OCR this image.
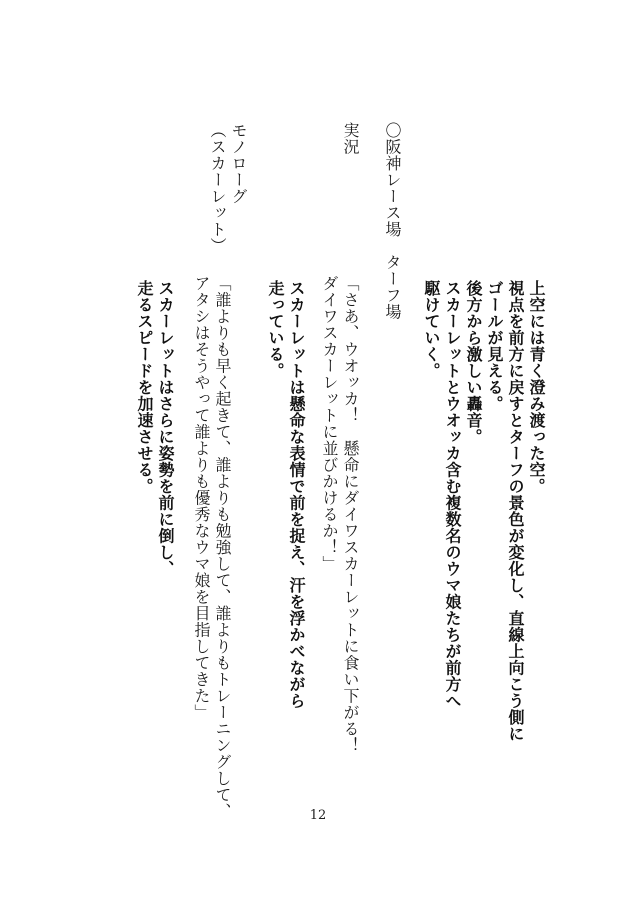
上空には青く澄み渡った空。
視点を前方に戻すとターフの景色が変化し、直線上向こう側に
ゴールが見える。
後方から激しい轟音。
スカーレットとウオッカ含む複数名のウマ娘たちが前方へ
駆けていく。
〇阪神レース場　ターフ場
実況
「さあ、ウオッカ！　懸命にダイワスカーレットに食い下がる！
ダイワスカーレットに並びかけるか！」
スカーレットは懸命な表情で前を捉え、汗を浮かべながら
走っている。
モノローグ
（スカーレット）
「誰よりも早く起きて、誰よりも勉強して、誰よりもトレーニングして、
アタシはそうやって誰よりも優秀なウマ娘を目指してきた」
スカーレットはさらに姿勢を前に倒し、
走るスピードを加速させる。
12
